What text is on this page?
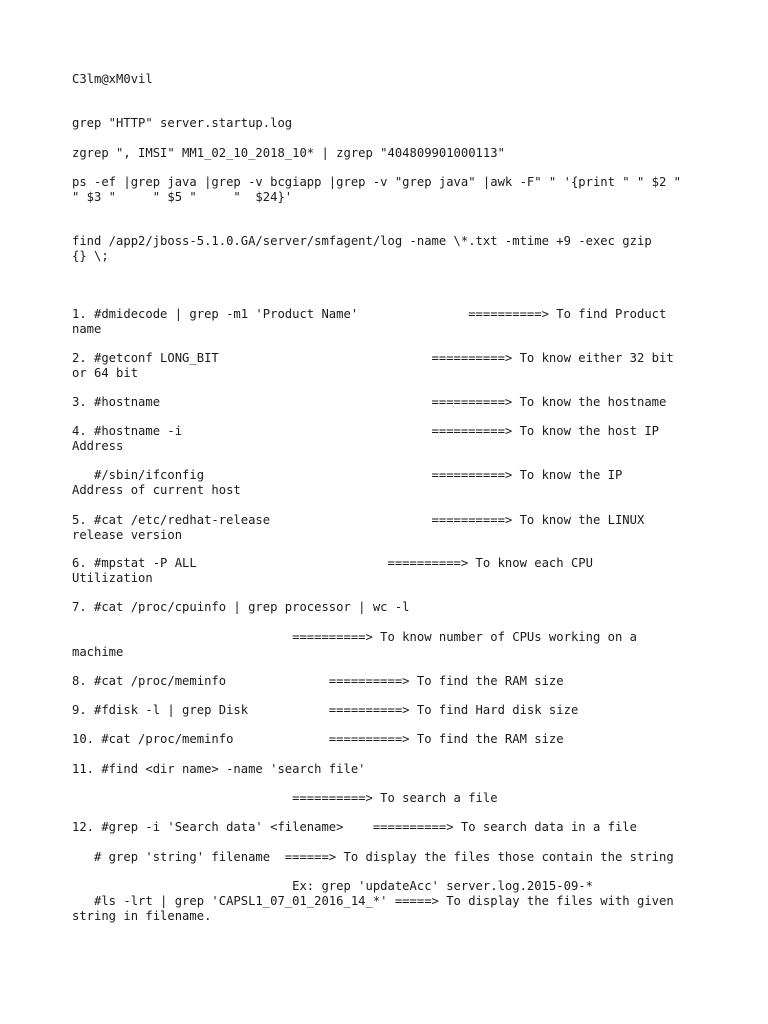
C3lm@xM0vil
grep "HTTP" server.startup.log
zgrep ", IMSI" MM1_02_10_2018_10* | zgrep "404809901000113"
ps -ef |grep java |grep -v bcgiapp |grep -v "grep java" |awk -F" " '{print " " $2 "
" $3 "     " $5 "     "  $24}'
find /app2/jboss-5.1.0.GA/server/smfagent/log -name \*.txt -mtime +9 -exec gzip
{} \;
1. #dmidecode | grep -m1 'Product Name'               ==========> To find Product
name
2. #getconf LONG_BIT                             ==========> To know either 32 bit
or 64 bit
3. #hostname                                     ==========> To know the hostname
4. #hostname -i                                  ==========> To know the host IP
Address
#/sbin/ifconfig                               ==========> To know the IP
Address of current host
5. #cat /etc/redhat-release                      ==========> To know the LINUX
release version
6. #mpstat -P ALL                          ==========> To know each CPU
Utilization
7. #cat /proc/cpuinfo | grep processor | wc -l
==========> To know number of CPUs working on a
machime
8. #cat /proc/meminfo              ==========> To find the RAM size
9. #fdisk -l | grep Disk           ==========> To find Hard disk size
10. #cat /proc/meminfo             ==========> To find the RAM size
11. #find <dir name> -name 'search file'
==========> To search a file
12. #grep -i 'Search data' <filename>    ==========> To search data in a file
# grep 'string' filename  ======> To display the files those contain the string
Ex: grep 'updateAcc' server.log.2015-09-*
#ls -lrt | grep 'CAPSL1_07_01_2016_14_*' =====> To display the files with given
string in filename.
